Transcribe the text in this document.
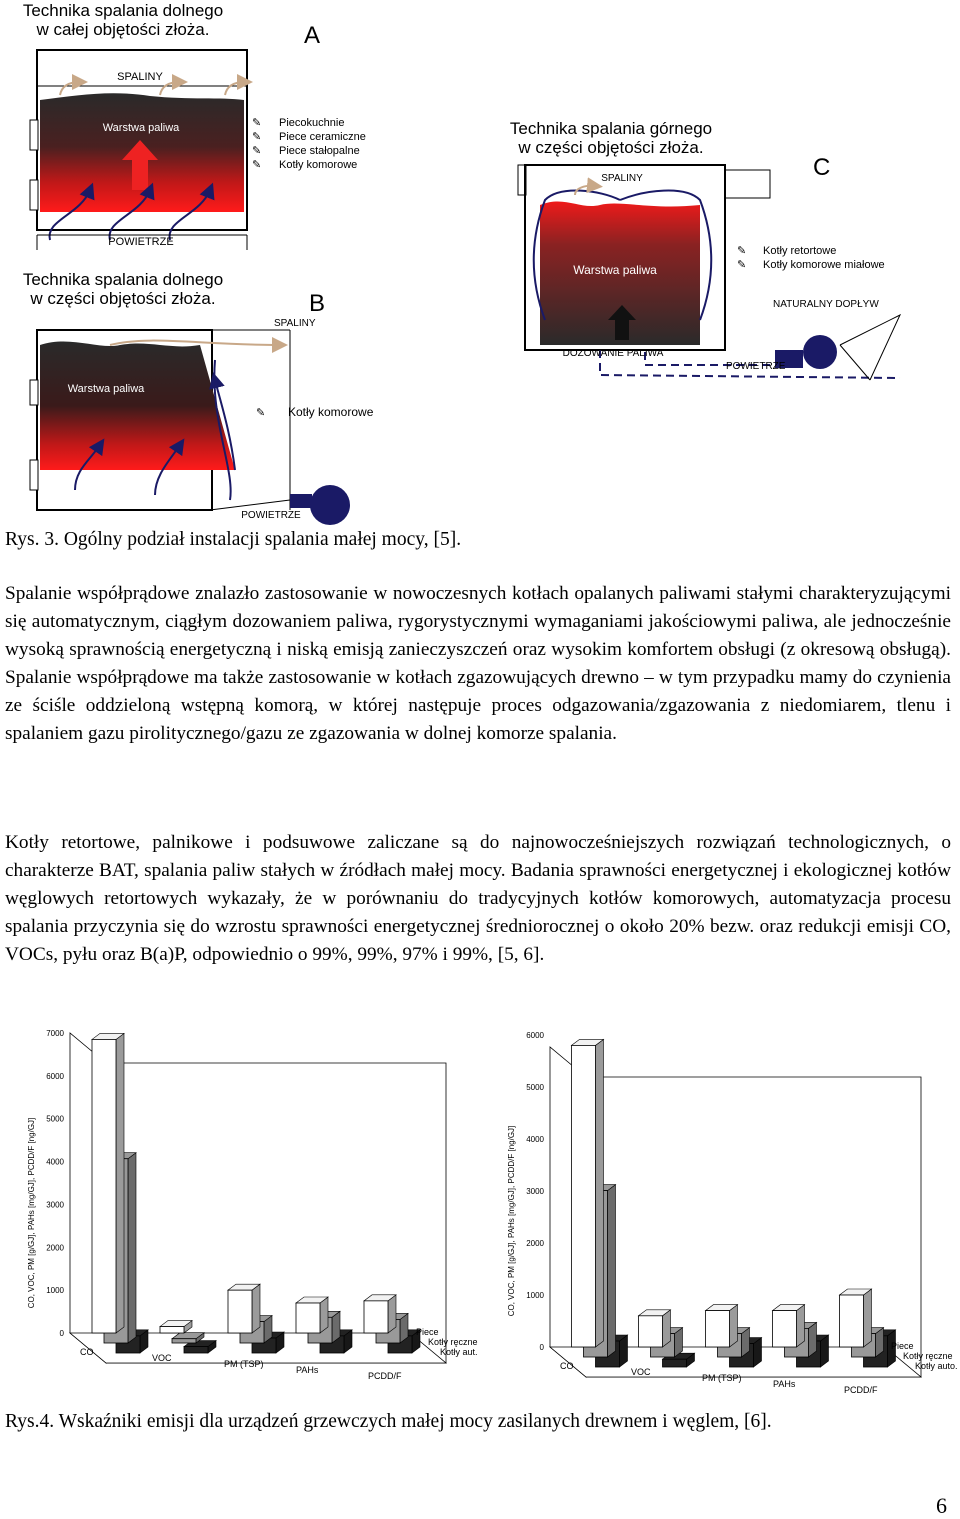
Technika spalania dolnego
w całej objętości złoża.	A
Technika spalania górnego
w części objętości złoża.
C
Technika spalania dolnego
w części objętości złoża.	B
SPALINY
Warstwa paliwa
POWIETRZE
Piecokuchnie
Piece ceramiczne
Piece stałopalne
Kotły komorowe
✎
✎
✎
✎
SPALINY
Warstwa paliwa
DOZOWANIE PALIWA
POWIETRZE
NATURALNY DOPŁYW
✎
✎
Kotły retortowe
Kotły komorowe miałowe
SPALINY
Warstwa paliwa
POWIETRZE
✎ Kotły komorowe
Rys. 3. Ogólny podział instalacji spalania małej mocy, [5].
Spalanie współprądowe znalazło zastosowanie w nowoczesnych kotłach opalanych paliwami stałymi charakteryzującymi się automatycznym, ciągłym dozowaniem paliwa, rygorystycznymi wymaganiami jakościowymi paliwa, ale jednocześnie wysoką sprawnością energetyczną i niską emisją zanieczyszczeń oraz wysokim komfortem obsługi (z okresową obsługą). Spalanie współprądowe ma także zastosowanie w kotłach zgazowujących drewno – w tym przypadku mamy do czynienia ze ściśle oddzieloną wstępną komorą, w której następuje proces odgazowania/zgazowania z niedomiarem, tlenu i spalaniem gazu pirolitycznego/gazu ze zgazowania w dolnej komorze spalania.
Kotły retortowe, palnikowe i podsuwowe zaliczane są do najnowocześniejszych rozwiązań technologicznych, o charakterze BAT, spalania paliw stałych w źródłach małej mocy. Badania sprawności energetycznej i ekologicznej kotłów węglowych retortowych wykazały, że w porównaniu do tradycyjnych kotłów komorowych, automatyzacja procesu spalania przyczynia się do wzrostu sprawności energetycznej średniorocznej o około 20% bezw. oraz redukcji emisji CO, VOCs, pyłu oraz B(a)P, odpowiednio o 99%, 99%, 97% i 99%, [5, 6].
0
1000
2000
3000
4000
5000
6000
7000
CO, VOC, PM [g/GJ], PAHs [mg/GJ], PCDD/F [ng/GJ]
Kotły aut.
Kotły ręczne
Piece
CO
VOC
PM (TSP)
PAHs
PCDD/F
0
1000
2000
3000
4000
5000
6000
CO, VOC, PM [g/GJ], PAHs [mg/GJ], PCDD/F [ng/GJ]
Kotły auto.
Kotły ręczne
Piece
CO
VOC
PM (TSP)
PAHs
PCDD/F
Rys.4. Wskaźniki emisji dla urządzeń grzewczych małej mocy zasilanych drewnem i węglem, [6].
6
